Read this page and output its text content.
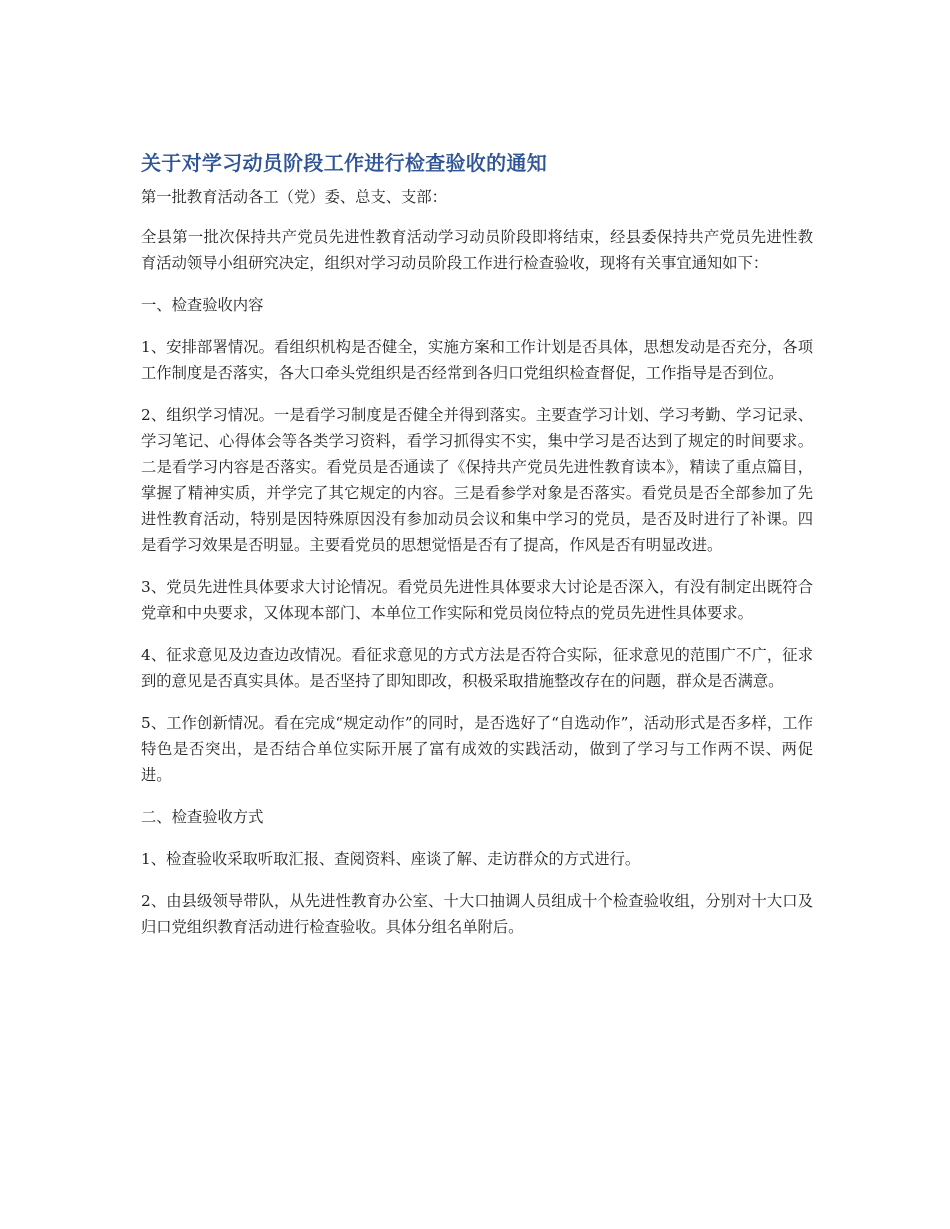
关于对学习动员阶段工作进行检查验收的通知

第一批教育活动各工（党）委、总支、支部：

全县第一批次保持共产党员先进性教育活动学习动员阶段即将结束，经县委保持共产党员先进性教育活动领导小组研究决定，组织对学习动员阶段工作进行检查验收，现将有关事宜通知如下：

一、检查验收内容

1、安排部署情况。看组织机构是否健全，实施方案和工作计划是否具体，思想发动是否充分，各项工作制度是否落实，各大口牵头党组织是否经常到各归口党组织检查督促，工作指导是否到位。

2、组织学习情况。一是看学习制度是否健全并得到落实。主要查学习计划、学习考勤、学习记录、学习笔记、心得体会等各类学习资料，看学习抓得实不实，集中学习是否达到了规定的时间要求。二是看学习内容是否落实。看党员是否通读了《保持共产党员先进性教育读本》，精读了重点篇目，掌握了精神实质，并学完了其它规定的内容。三是看参学对象是否落实。看党员是否全部参加了先进性教育活动，特别是因特殊原因没有参加动员会议和集中学习的党员，是否及时进行了补课。四是看学习效果是否明显。主要看党员的思想觉悟是否有了提高，作风是否有明显改进。

3、党员先进性具体要求大讨论情况。看党员先进性具体要求大讨论是否深入，有没有制定出既符合党章和中央要求，又体现本部门、本单位工作实际和党员岗位特点的党员先进性具体要求。

4、征求意见及边查边改情况。看征求意见的方式方法是否符合实际，征求意见的范围广不广，征求到的意见是否真实具体。是否坚持了即知即改，积极采取措施整改存在的问题，群众是否满意。

5、工作创新情况。看在完成“规定动作”的同时，是否选好了“自选动作”，活动形式是否多样，工作特色是否突出，是否结合单位实际开展了富有成效的实践活动，做到了学习与工作两不误、两促进。

二、检查验收方式

1、检查验收采取听取汇报、查阅资料、座谈了解、走访群众的方式进行。

2、由县级领导带队，从先进性教育办公室、十大口抽调人员组成十个检查验收组，分别对十大口及归口党组织教育活动进行检查验收。具体分组名单附后。
